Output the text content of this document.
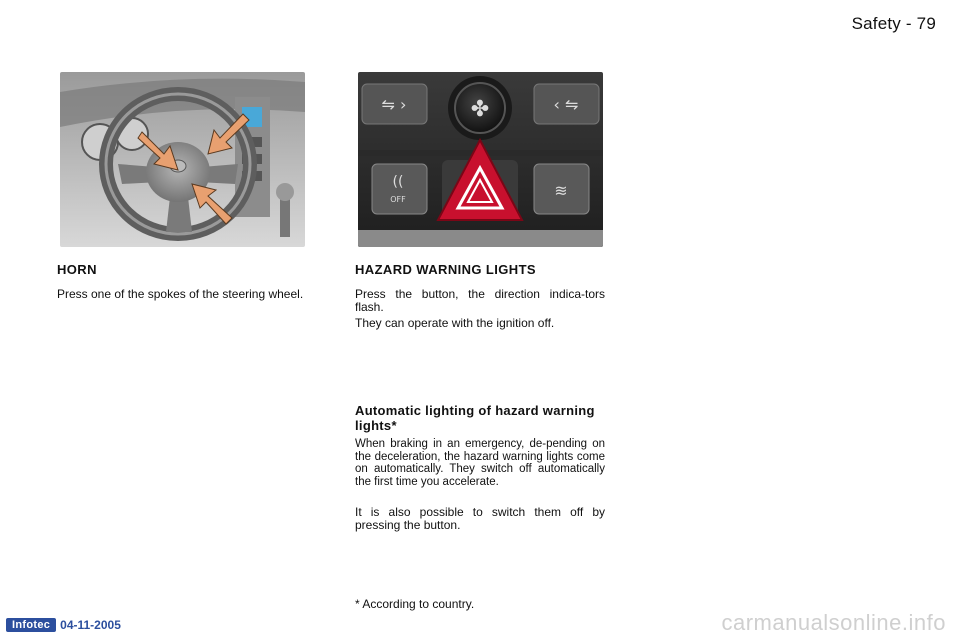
Safety - 79
⇋ ›	‹ ⇋
✤
((
OFF	≋
HORN

Press one of the spokes of the steering wheel.

HAZARD WARNING LIGHTS

Press the button, the direction indica-tors flash.

They can operate with the ignition off.

Automatic lighting of hazard warning lights*

When braking in an emergency, de-pending on the deceleration, the hazard warning lights come on automatically. They switch off automatically the first time you accelerate.

It is also possible to switch them off by pressing the button.

* According to country.

Infotec 04-11-2005	carmanualsonline.info
